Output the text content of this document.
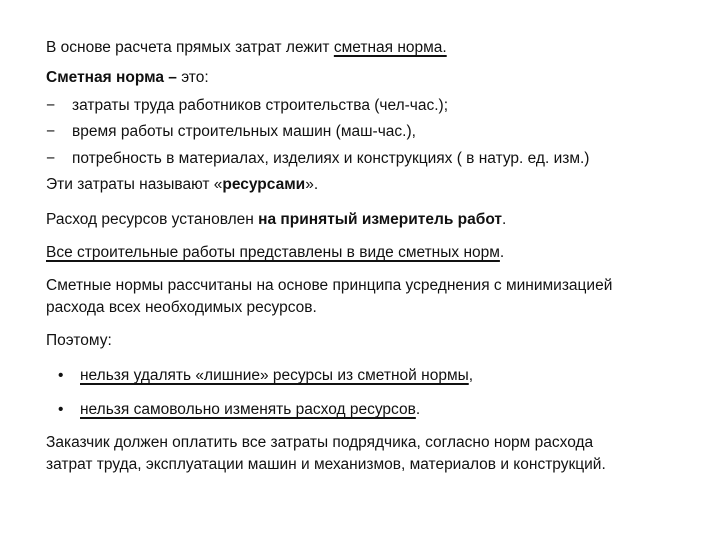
В основе расчета прямых затрат лежит сметная норма.
Сметная норма – это:
− затраты труда работников строительства (чел-час.);
− время работы строительных машин (маш-час.),
− потребность в материалах, изделиях и конструкциях ( в натур. ед. изм.)
Эти затраты называют «ресурсами».
Расход ресурсов установлен на принятый измеритель работ.
Все строительные работы представлены в виде сметных норм.
Сметные нормы рассчитаны на основе принципа усреднения с минимизацией
расхода всех необходимых ресурсов.
Поэтому:
• нельзя удалять «лишние» ресурсы из сметной нормы,
• нельзя самовольно изменять расход ресурсов.
Заказчик должен оплатить все затраты подрядчика, согласно норм расхода
затрат труда, эксплуатации машин и механизмов, материалов и конструкций.
